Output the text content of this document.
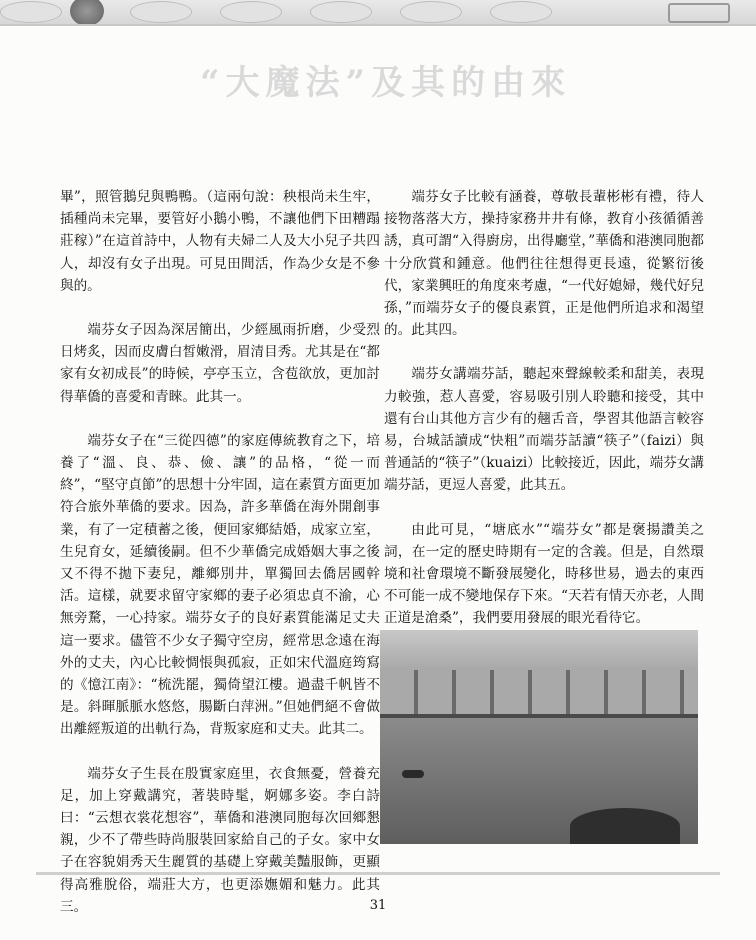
“大魔法”及其的由來

畢”，照管鵝兒與鴨鴨。（這兩句說：秧根尚未生牢，插種尚未完畢，要管好小鵝小鴨，不讓他們下田糟蹋莊稼）”在這首詩中，人物有夫婦二人及大小兒子共四人，却沒有女子出現。可見田間活，作為少女是不參與的。

端芬女子因為深居簡出，少經風雨折磨，少受烈日烤炙，因而皮膚白皙嫩滑，眉清目秀。尤其是在“都家有女初成長”的時候，亭亭玉立，含苞欲放，更加討得華僑的喜愛和青睞。此其一。

端芬女子在“三從四德”的家庭傳統教育之下，培養了“溫、良、恭、儉、讓”的品格，“從一而終”，“堅守貞節”的思想十分牢固，這在素質方面更加符合旅外華僑的要求。因為，許多華僑在海外開創事業，有了一定積蓄之後，便回家鄉結婚，成家立室，生兒育女，延續後嗣。但不少華僑完成婚姻大事之後又不得不拋下妻兒，離鄉別井，單獨回去僑居國幹活。這樣，就要求留守家鄉的妻子必須忠貞不渝，心無旁騖，一心持家。端芬女子的良好素質能滿足丈夫這一要求。儘管不少女子獨守空房，經常思念遠在海外的丈夫，內心比較惆悵與孤寂，正如宋代溫庭筠寫的《憶江南》：“梳洗罷，獨倚望江樓。過盡千帆皆不是。斜暉脈脈水悠悠，腸斷白萍洲。”但她們絕不會做出離經叛道的出軌行為，背叛家庭和丈夫。此其二。

端芬女子生長在殷實家庭里，衣食無憂，營養充足，加上穿戴講究，著裝時髦，婀娜多姿。李白詩曰：“云想衣裳花想容”，華僑和港澳同胞每次回鄉懇親，少不了帶些時尚服裝回家給自己的子女。家中女子在容貌娟秀天生麗質的基礎上穿戴美豔服飾，更顯得高雅脫俗，端莊大方，也更添嫵媚和魅力。此其三。

端芬女子比較有涵養，尊敬長輩彬彬有禮，待人接物落落大方，操持家務井井有條，教育小孩循循善誘，真可謂“入得廚房，出得廳堂，”華僑和港澳同胞都十分欣賞和鍾意。他們往往想得更長遠，從繁衍後代，家業興旺的角度來考慮，“一代好媳婦，幾代好兒孫，”而端芬女子的優良素質，正是他們所追求和渴望的。此其四。

端芬女講端芬話，聽起來聲線較柔和甜美，表現力較強，惹人喜愛，容易吸引別人聆聽和接受，其中還有台山其他方言少有的翹舌音，學習其他語言較容易，台城話讀成“快粗”而端芬話讀“筷子”（faizi）與普通話的“筷子”（kuaizi）比較接近，因此，端芬女講端芬話，更逗人喜愛，此其五。

由此可見，“塘底水”“端芬女”都是褒揚讚美之詞，在一定的歷史時期有一定的含義。但是，自然環境和社會環境不斷發展變化，時移世易，過去的東西不可能一成不變地保存下來。“天若有情天亦老，人間正道是滄桑”，我們要用發展的眼光看待它。

31
